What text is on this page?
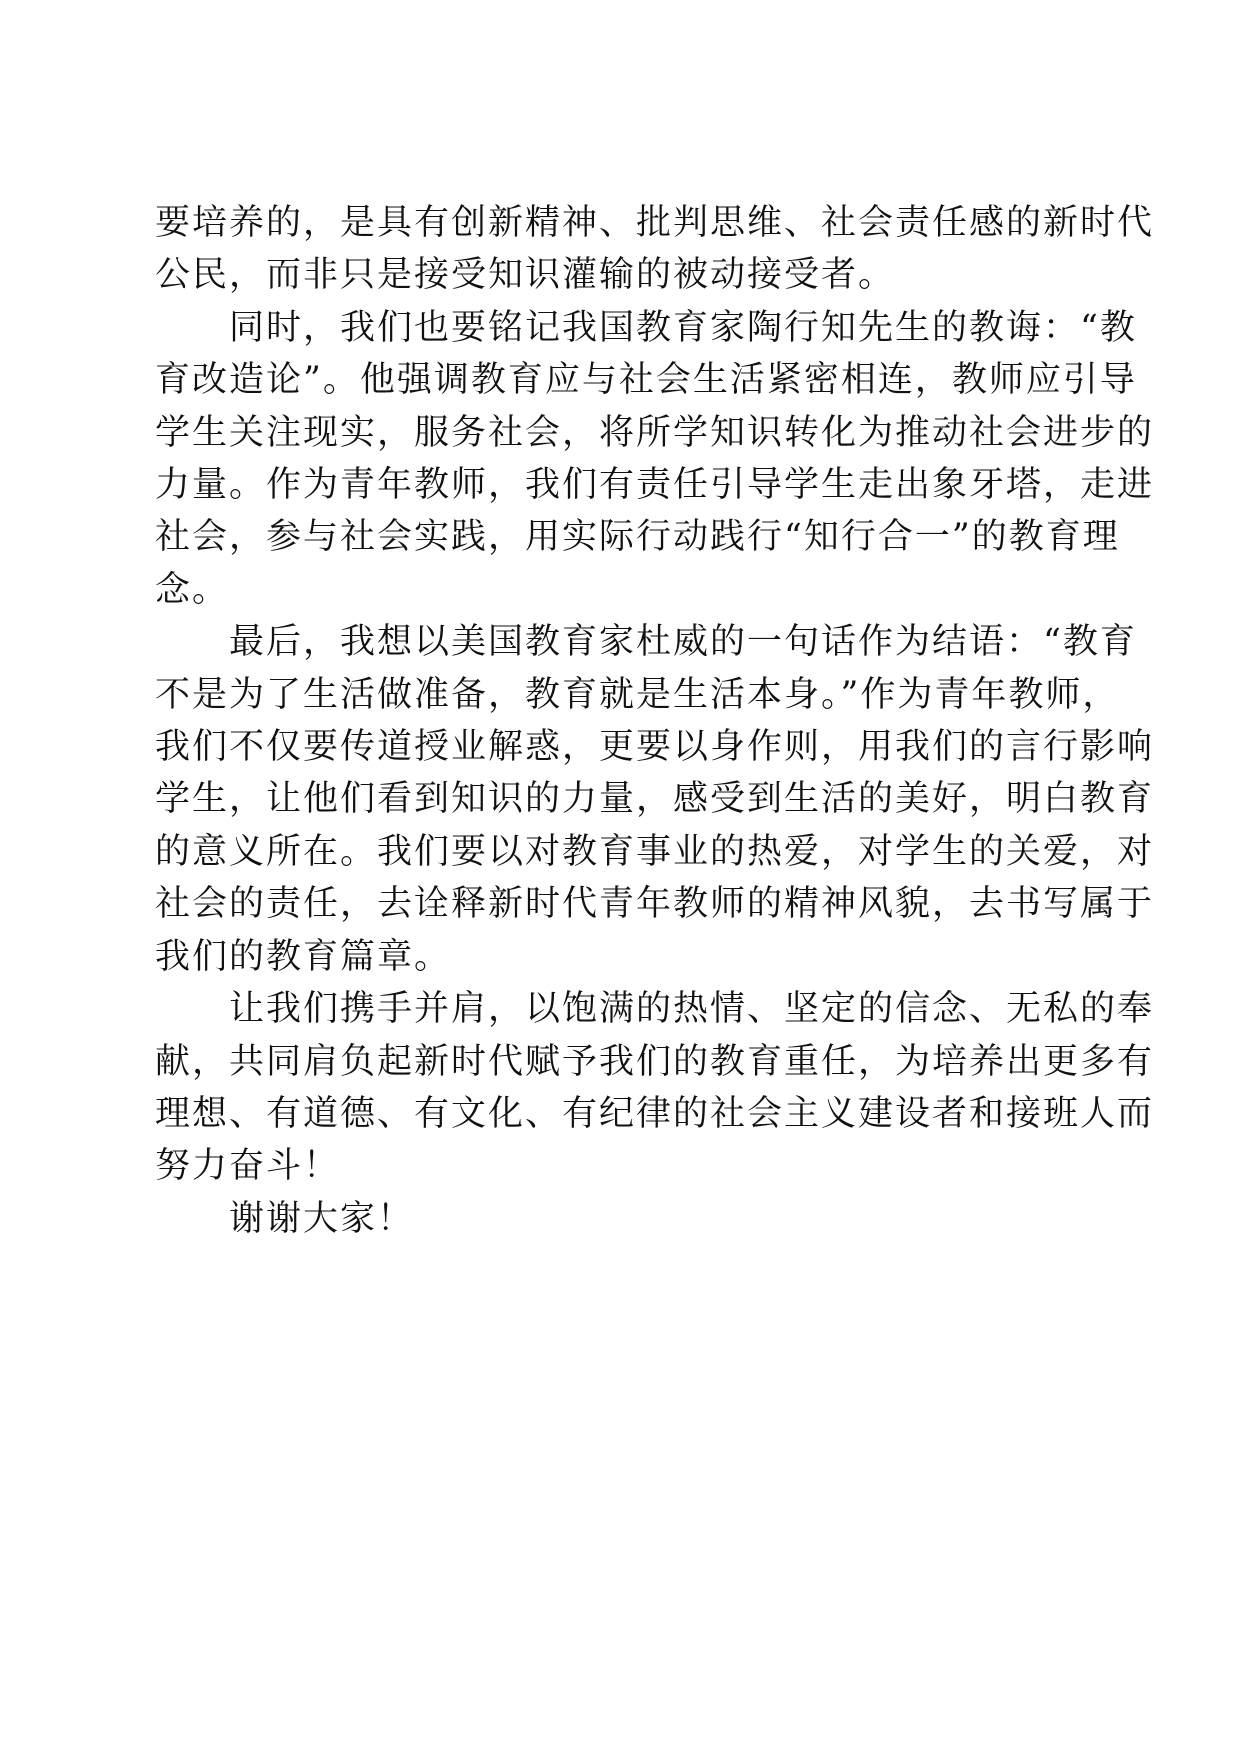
要培养的，是具有创新精神、批判思维、社会责任感的新时代
公民，而非只是接受知识灌输的被动接受者。

同时，我们也要铭记我国教育家陶行知先生的教诲：“教
育改造论”。他强调教育应与社会生活紧密相连，教师应引导
学生关注现实，服务社会，将所学知识转化为推动社会进步的
力量。作为青年教师，我们有责任引导学生走出象牙塔，走进
社会，参与社会实践，用实际行动践行“知行合一”的教育理
念。

最后，我想以美国教育家杜威的一句话作为结语：“教育
不是为了生活做准备，教育就是生活本身。”作为青年教师，
我们不仅要传道授业解惑，更要以身作则，用我们的言行影响
学生，让他们看到知识的力量，感受到生活的美好，明白教育
的意义所在。我们要以对教育事业的热爱，对学生的关爱，对
社会的责任，去诠释新时代青年教师的精神风貌，去书写属于
我们的教育篇章。

让我们携手并肩，以饱满的热情、坚定的信念、无私的奉
献，共同肩负起新时代赋予我们的教育重任，为培养出更多有
理想、有道德、有文化、有纪律的社会主义建设者和接班人而
努力奋斗！

谢谢大家！
